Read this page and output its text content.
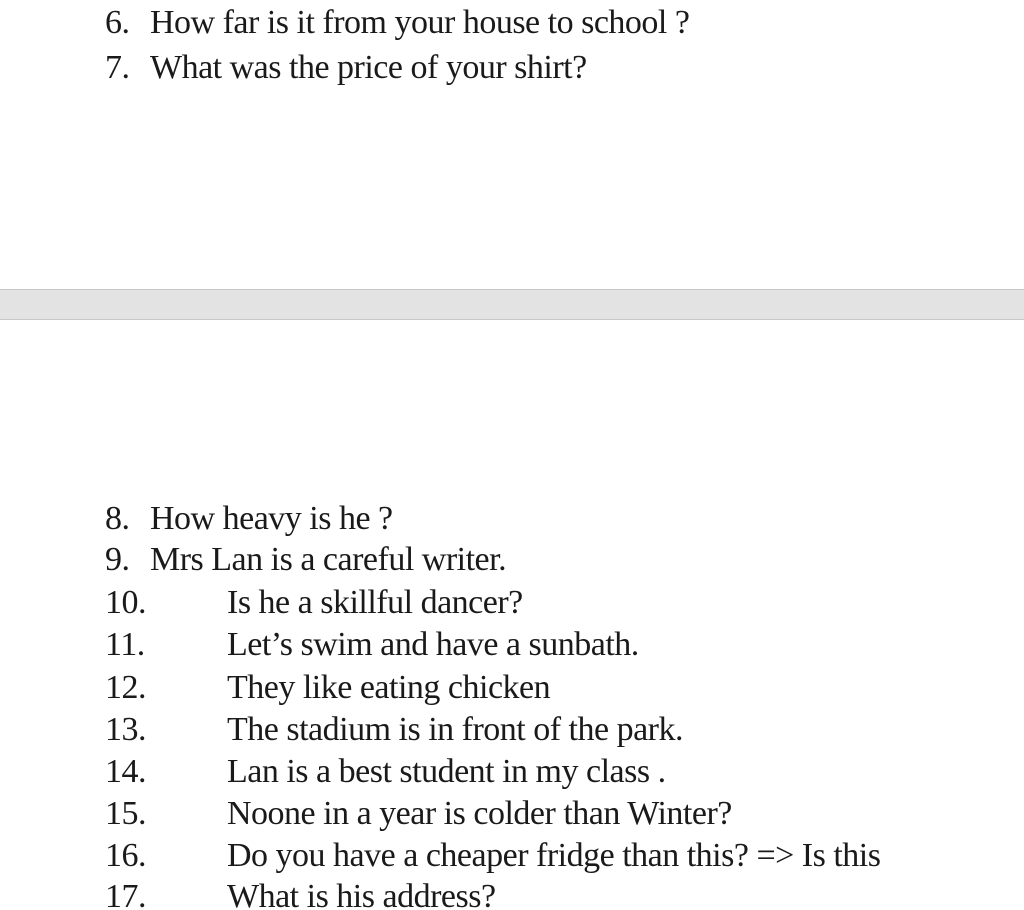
6. How far is it from your house to school ?
7. What was the price of your shirt?
8. How heavy is he ?
9. Mrs Lan is a careful writer.
10. Is he a skillful dancer?
11. Let’s swim and have a sunbath.
12. They like eating chicken
13. The stadium is in front of the park.
14. Lan is a best student in my class .
15. Noone in a year is colder than Winter?
16. Do you have a cheaper fridge than this? => Is this
17. What is his address?
